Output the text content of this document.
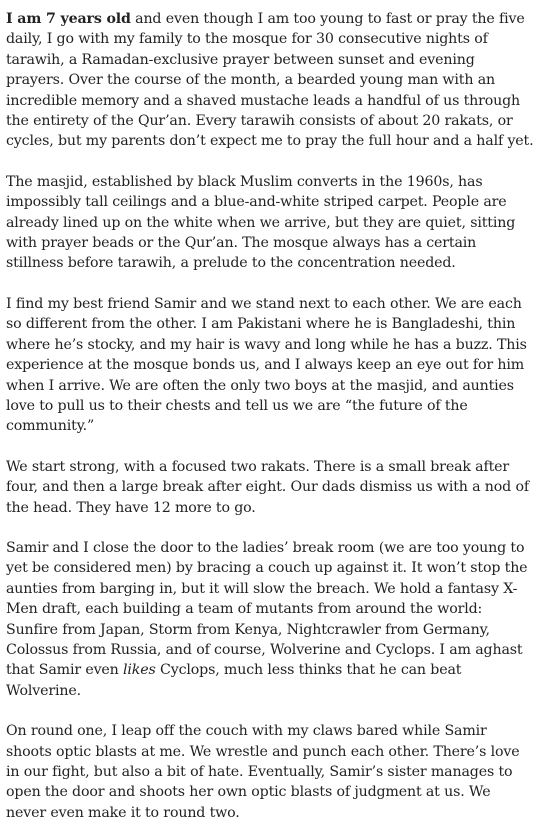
I am 7 years old and even though I am too young to fast or pray the five daily, I go with my family to the mosque for 30 consecutive nights of tarawih, a Ramadan-exclusive prayer between sunset and evening prayers. Over the course of the month, a bearded young man with an incredible memory and a shaved mustache leads a handful of us through the entirety of the Qur’an. Every tarawih consists of about 20 rakats, or cycles, but my parents don’t expect me to pray the full hour and a half yet.

The masjid, established by black Muslim converts in the 1960s, has impossibly tall ceilings and a blue-and-white striped carpet. People are already lined up on the white when we arrive, but they are quiet, sitting with prayer beads or the Qur’an. The mosque always has a certain stillness before tarawih, a prelude to the concentration needed.

I find my best friend Samir and we stand next to each other. We are each so different from the other. I am Pakistani where he is Bangladeshi, thin where he’s stocky, and my hair is wavy and long while he has a buzz. This experience at the mosque bonds us, and I always keep an eye out for him when I arrive. We are often the only two boys at the masjid, and aunties love to pull us to their chests and tell us we are “the future of the community.”

We start strong, with a focused two rakats. There is a small break after four, and then a large break after eight. Our dads dismiss us with a nod of the head. They have 12 more to go.

Samir and I close the door to the ladies’ break room (we are too young to yet be considered men) by bracing a couch up against it. It won’t stop the aunties from barging in, but it will slow the breach. We hold a fantasy X-Men draft, each building a team of mutants from around the world: Sunfire from Japan, Storm from Kenya, Nightcrawler from Germany, Colossus from Russia, and of course, Wolverine and Cyclops. I am aghast that Samir even likes Cyclops, much less thinks that he can beat Wolverine.

On round one, I leap off the couch with my claws bared while Samir shoots optic blasts at me. We wrestle and punch each other. There’s love in our fight, but also a bit of hate. Eventually, Samir’s sister manages to open the door and shoots her own optic blasts of judgment at us. We never even make it to round two.
